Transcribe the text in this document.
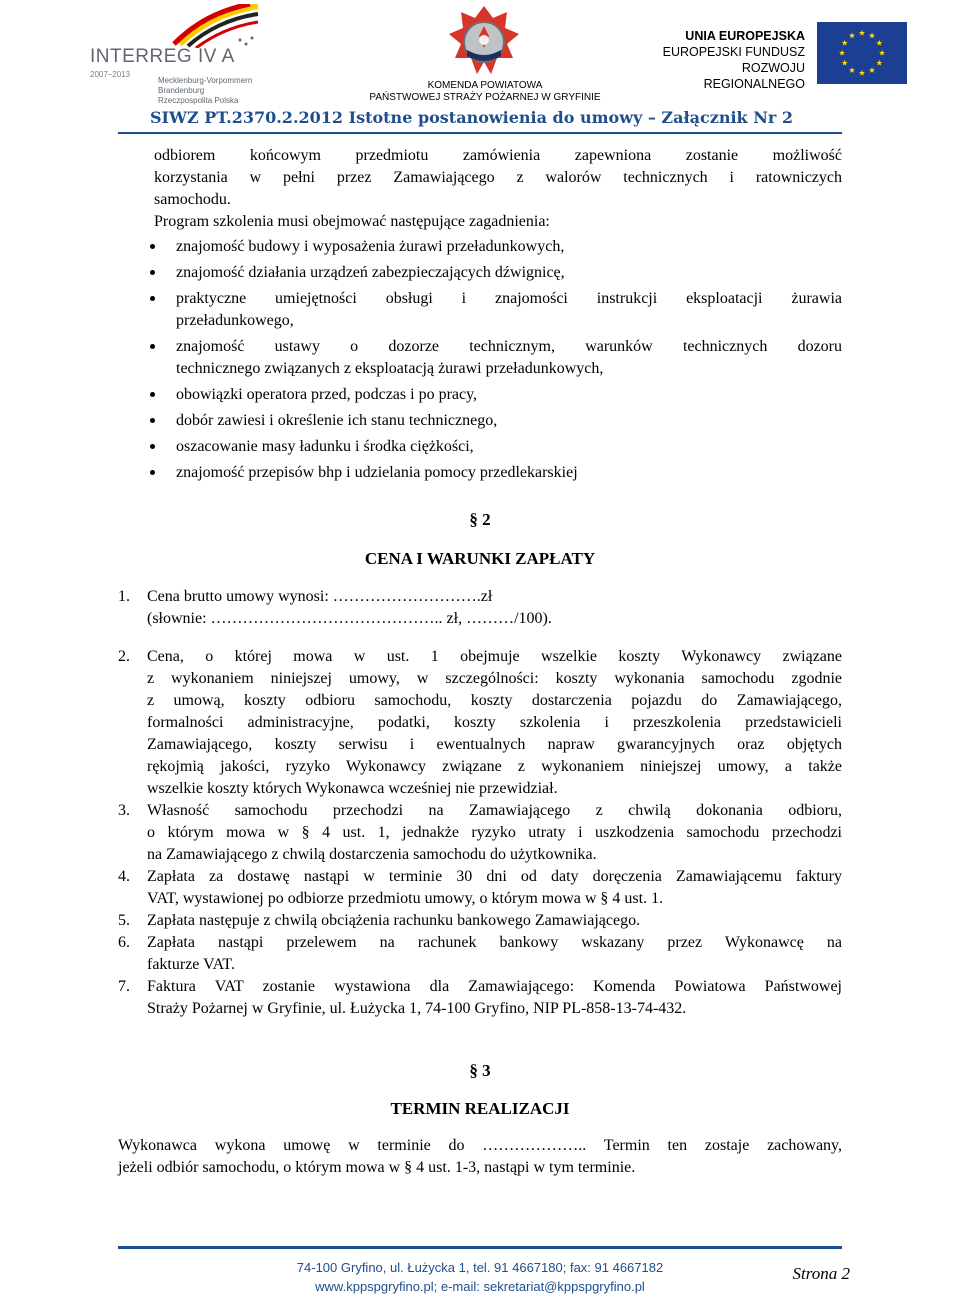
INTERREG IV A
2007–2013
Mecklenburg-Vorpommern
Brandenburg
Rzeczpospolita Polska
KOMENDA POWIATOWA
PAŃSTWOWEJ STRAŻY POŻARNEJ W GRYFINIE
UNIA EUROPEJSKA
EUROPEJSKI FUNDUSZ
ROZWOJU REGIONALNEGO
SIWZ PT.2370.2.2012 Istotne postanowienia do umowy – Załącznik Nr 2
odbiorem końcowym przedmiotu zamówienia zapewniona zostanie możliwość
korzystania w pełni przez Zamawiającego z walorów technicznych i ratowniczych
samochodu.
Program szkolenia musi obejmować następujące zagadnienia:
znajomość budowy i wyposażenia żurawi przeładunkowych,
znajomość działania urządzeń zabezpieczających dźwignicę,
praktyczne umiejętności obsługi i znajomości instrukcji eksploatacji żurawia
przeładunkowego,
znajomość ustawy o dozorze technicznym, warunków technicznych dozoru
technicznego związanych z eksploatacją żurawi przeładunkowych,
obowiązki operatora przed, podczas i po pracy,
dobór zawiesi i określenie ich stanu technicznego,
oszacowanie masy ładunku i środka ciężkości,
znajomość przepisów bhp i udzielania pomocy przedlekarskiej
§ 2
CENA I WARUNKI ZAPŁATY
1. Cena brutto umowy wynosi: ……………………….zł
(słownie: …………………………………….. zł, ………/100).
2. Cena, o której mowa w ust. 1 obejmuje wszelkie koszty Wykonawcy związane
z wykonaniem niniejszej umowy, w szczególności: koszty wykonania samochodu zgodnie
z umową, koszty odbioru samochodu, koszty dostarczenia pojazdu do Zamawiającego,
formalności administracyjne, podatki, koszty szkolenia i przeszkolenia przedstawicieli
Zamawiającego, koszty serwisu i ewentualnych napraw gwarancyjnych oraz objętych
rękojmią jakości, ryzyko Wykonawcy związane z wykonaniem niniejszej umowy, a także
wszelkie koszty których Wykonawca wcześniej nie przewidział.
3. Własność samochodu przechodzi na Zamawiającego z chwilą dokonania odbioru,
o którym mowa w § 4 ust. 1, jednakże ryzyko utraty i uszkodzenia samochodu przechodzi
na Zamawiającego z chwilą dostarczenia samochodu do użytkownika.
4. Zapłata za dostawę nastąpi w terminie 30 dni od daty doręczenia Zamawiającemu faktury
VAT, wystawionej po odbiorze przedmiotu umowy, o którym mowa w § 4 ust. 1.
5. Zapłata następuje z chwilą obciążenia rachunku bankowego Zamawiającego.
6. Zapłata nastąpi przelewem na rachunek bankowy wskazany przez Wykonawcę na
fakturze VAT.
7. Faktura VAT zostanie wystawiona dla Zamawiającego: Komenda Powiatowa Państwowej
Straży Pożarnej w Gryfinie, ul. Łużycka 1, 74-100 Gryfino, NIP PL-858-13-74-432.
§ 3
TERMIN REALIZACJI
Wykonawca wykona umowę w terminie do ……………….. Termin ten zostaje zachowany,
jeżeli odbiór samochodu, o którym mowa w § 4 ust. 1-3, nastąpi w tym terminie.
74-100 Gryfino, ul. Łużycka 1, tel. 91 4667180; fax: 91 4667182
www.kppspgryfino.pl; e-mail: sekretariat@kppspgryfino.pl
Strona 2
